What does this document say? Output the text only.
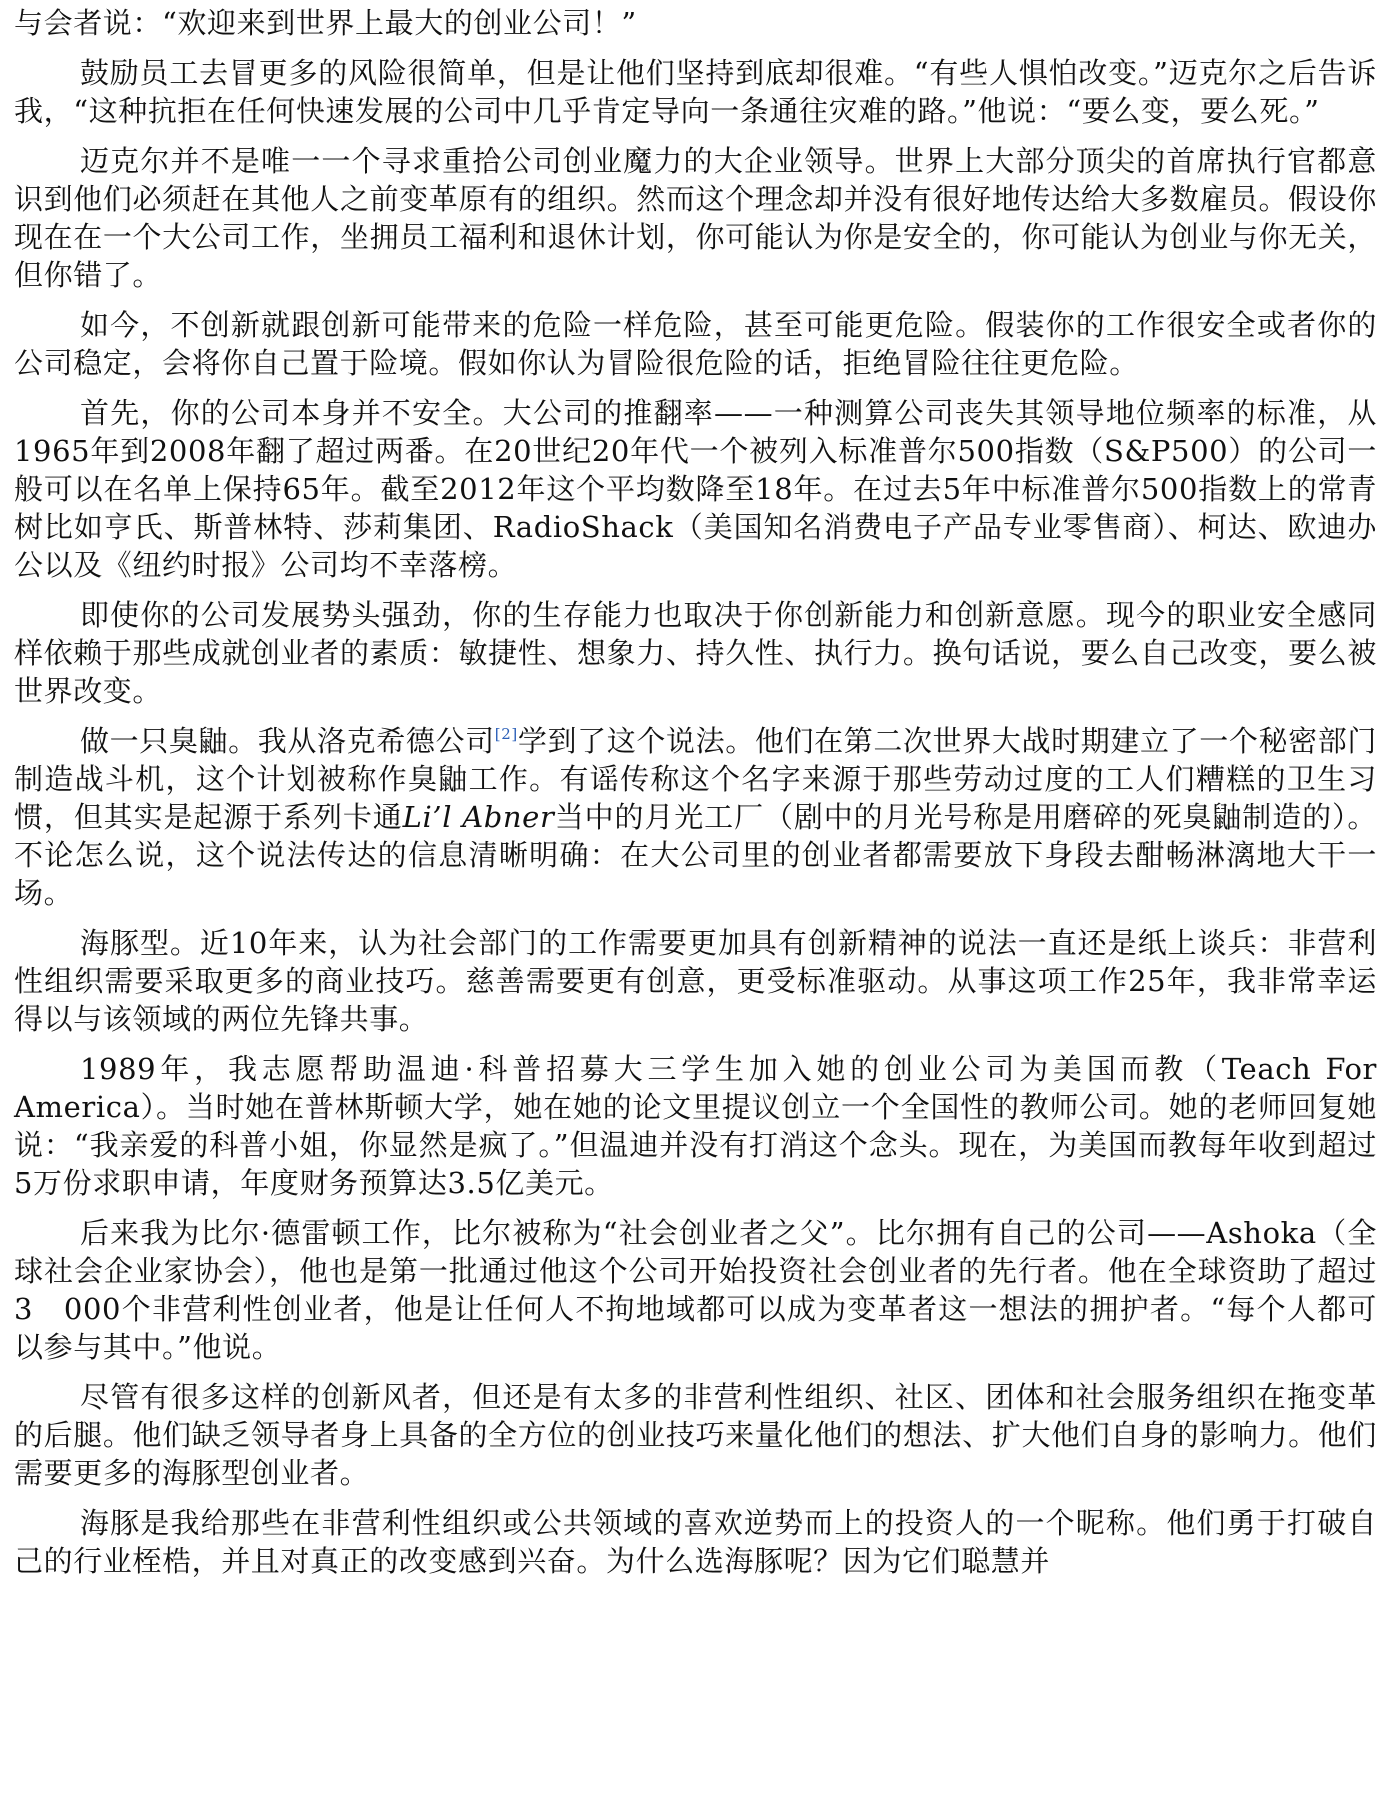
与会者说：“欢迎来到世界上最大的创业公司！”

鼓励员工去冒更多的风险很简单，但是让他们坚持到底却很难。“有些人惧怕改变。”迈克尔之后告诉我，“这种抗拒在任何快速发展的公司中几乎肯定导向一条通往灾难的路。”他说：“要么变，要么死。”

迈克尔并不是唯一一个寻求重拾公司创业魔力的大企业领导。世界上大部分顶尖的首席执行官都意识到他们必须赶在其他人之前变革原有的组织。然而这个理念却并没有很好地传达给大多数雇员。假设你现在在一个大公司工作，坐拥员工福利和退休计划，你可能认为你是安全的，你可能认为创业与你无关，但你错了。

如今，不创新就跟创新可能带来的危险一样危险，甚至可能更危险。假装你的工作很安全或者你的公司稳定，会将你自己置于险境。假如你认为冒险很危险的话，拒绝冒险往往更危险。

首先，你的公司本身并不安全。大公司的推翻率——一种测算公司丧失其领导地位频率的标准，从1965年到2008年翻了超过两番。在20世纪20年代一个被列入标准普尔500指数（S&P500）的公司一般可以在名单上保持65年。截至2012年这个平均数降至18年。在过去5年中标准普尔500指数上的常青树比如亨氏、斯普林特、莎莉集团、RadioShack（美国知名消费电子产品专业零售商）、柯达、欧迪办公以及《纽约时报》公司均不幸落榜。

即使你的公司发展势头强劲，你的生存能力也取决于你创新能力和创新意愿。现今的职业安全感同样依赖于那些成就创业者的素质：敏捷性、想象力、持久性、执行力。换句话说，要么自己改变，要么被世界改变。

做一只臭鼬。我从洛克希德公司[2]学到了这个说法。他们在第二次世界大战时期建立了一个秘密部门制造战斗机，这个计划被称作臭鼬工作。有谣传称这个名字来源于那些劳动过度的工人们糟糕的卫生习惯，但其实是起源于系列卡通Li’l Abner当中的月光工厂（剧中的月光号称是用磨碎的死臭鼬制造的）。不论怎么说，这个说法传达的信息清晰明确：在大公司里的创业者都需要放下身段去酣畅淋漓地大干一场。

海豚型。近10年来，认为社会部门的工作需要更加具有创新精神的说法一直还是纸上谈兵：非营利性组织需要采取更多的商业技巧。慈善需要更有创意，更受标准驱动。从事这项工作25年，我非常幸运得以与该领域的两位先锋共事。

1989年，我志愿帮助温迪·科普招募大三学生加入她的创业公司为美国而教（Teach For America）。当时她在普林斯顿大学，她在她的论文里提议创立一个全国性的教师公司。她的老师回复她说：“我亲爱的科普小姐，你显然是疯了。”但温迪并没有打消这个念头。现在，为美国而教每年收到超过5万份求职申请，年度财务预算达3.5亿美元。

后来我为比尔·德雷顿工作，比尔被称为“社会创业者之父”。比尔拥有自己的公司——Ashoka（全球社会企业家协会），他也是第一批通过他这个公司开始投资社会创业者的先行者。他在全球资助了超过3　000个非营利性创业者，他是让任何人不拘地域都可以成为变革者这一想法的拥护者。“每个人都可以参与其中。”他说。

尽管有很多这样的创新风者，但还是有太多的非营利性组织、社区、团体和社会服务组织在拖变革的后腿。他们缺乏领导者身上具备的全方位的创业技巧来量化他们的想法、扩大他们自身的影响力。他们需要更多的海豚型创业者。

海豚是我给那些在非营利性组织或公共领域的喜欢逆势而上的投资人的一个昵称。他们勇于打破自己的行业桎梏，并且对真正的改变感到兴奋。为什么选海豚呢？因为它们聪慧并
